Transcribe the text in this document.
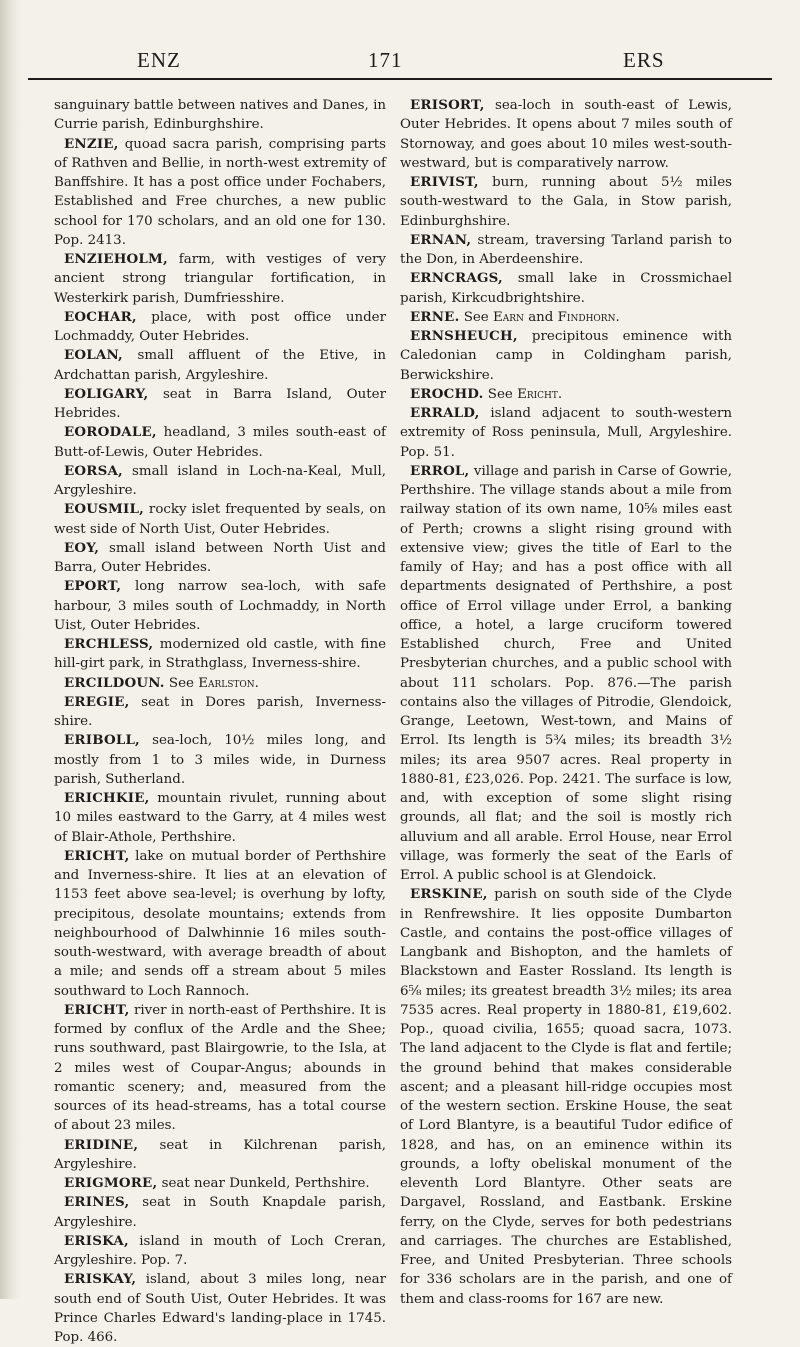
ENZ	171	ERS

sanguinary battle between natives and Danes, in Currie parish, Edinburghshire.

ENZIE, quoad sacra parish, comprising parts of Rathven and Bellie, in north-west extremity of Banffshire. It has a post office under Fochabers, Established and Free churches, a new public school for 170 scholars, and an old one for 130. Pop. 2413.

ENZIEHOLM, farm, with vestiges of very ancient strong triangular fortification, in Westerkirk parish, Dumfriesshire.

EOCHAR, place, with post office under Lochmaddy, Outer Hebrides.

EOLAN, small affluent of the Etive, in Ardchattan parish, Argyleshire.

EOLIGARY, seat in Barra Island, Outer Hebrides.

EORODALE, headland, 3 miles south-east of Butt-of-Lewis, Outer Hebrides.

EORSA, small island in Loch-na-Keal, Mull, Argyleshire.

EOUSMIL, rocky islet frequented by seals, on west side of North Uist, Outer Hebrides.

EOY, small island between North Uist and Barra, Outer Hebrides.

EPORT, long narrow sea-loch, with safe harbour, 3 miles south of Lochmaddy, in North Uist, Outer Hebrides.

ERCHLESS, modernized old castle, with fine hill-girt park, in Strathglass, Inverness-shire.

ERCILDOUN. See Earlston.

EREGIE, seat in Dores parish, Inverness-shire.

ERIBOLL, sea-loch, 10½ miles long, and mostly from 1 to 3 miles wide, in Durness parish, Sutherland.

ERICHKIE, mountain rivulet, running about 10 miles eastward to the Garry, at 4 miles west of Blair-Athole, Perthshire.

ERICHT, lake on mutual border of Perthshire and Inverness-shire. It lies at an elevation of 1153 feet above sea-level; is overhung by lofty, precipitous, desolate mountains; extends from neighbourhood of Dalwhinnie 16 miles south-south-westward, with average breadth of about a mile; and sends off a stream about 5 miles southward to Loch Rannoch.

ERICHT, river in north-east of Perthshire. It is formed by conflux of the Ardle and the Shee; runs southward, past Blairgowrie, to the Isla, at 2 miles west of Coupar-Angus; abounds in romantic scenery; and, measured from the sources of its head-streams, has a total course of about 23 miles.

ERIDINE, seat in Kilchrenan parish, Argyleshire.

ERIGMORE, seat near Dunkeld, Perthshire.

ERINES, seat in South Knapdale parish, Argyleshire.

ERISKA, island in mouth of Loch Creran, Argyleshire. Pop. 7.

ERISKAY, island, about 3 miles long, near south end of South Uist, Outer Hebrides. It was Prince Charles Edward's landing-place in 1745. Pop. 466.

ERISORT, sea-loch in south-east of Lewis, Outer Hebrides. It opens about 7 miles south of Stornoway, and goes about 10 miles west-south-westward, but is comparatively narrow.

ERIVIST, burn, running about 5½ miles south-westward to the Gala, in Stow parish, Edinburghshire.

ERNAN, stream, traversing Tarland parish to the Don, in Aberdeenshire.

ERNCRAGS, small lake in Crossmichael parish, Kirkcudbrightshire.

ERNE. See Earn and Findhorn.

ERNSHEUCH, precipitous eminence with Caledonian camp in Coldingham parish, Berwickshire.

EROCHD. See Ericht.

ERRALD, island adjacent to south-western extremity of Ross peninsula, Mull, Argyleshire. Pop. 51.

ERROL, village and parish in Carse of Gowrie, Perthshire. The village stands about a mile from railway station of its own name, 10⅝ miles east of Perth; crowns a slight rising ground with extensive view; gives the title of Earl to the family of Hay; and has a post office with all departments designated of Perthshire, a post office of Errol village under Errol, a banking office, a hotel, a large cruciform towered Established church, Free and United Presbyterian churches, and a public school with about 111 scholars. Pop. 876.—The parish contains also the villages of Pitrodie, Glendoick, Grange, Leetown, West-town, and Mains of Errol. Its length is 5¾ miles; its breadth 3½ miles; its area 9507 acres. Real property in 1880-81, £23,026. Pop. 2421. The surface is low, and, with exception of some slight rising grounds, all flat; and the soil is mostly rich alluvium and all arable. Errol House, near Errol village, was formerly the seat of the Earls of Errol. A public school is at Glendoick.

ERSKINE, parish on south side of the Clyde in Renfrewshire. It lies opposite Dumbarton Castle, and contains the post-office villages of Langbank and Bishopton, and the hamlets of Blackstown and Easter Rossland. Its length is 6⅝ miles; its greatest breadth 3½ miles; its area 7535 acres. Real property in 1880-81, £19,602. Pop., quoad civilia, 1655; quoad sacra, 1073. The land adjacent to the Clyde is flat and fertile; the ground behind that makes considerable ascent; and a pleasant hill-ridge occupies most of the western section. Erskine House, the seat of Lord Blantyre, is a beautiful Tudor edifice of 1828, and has, on an eminence within its grounds, a lofty obeliskal monument of the eleventh Lord Blantyre. Other seats are Dargavel, Rossland, and Eastbank. Erskine ferry, on the Clyde, serves for both pedestrians and carriages. The churches are Established, Free, and United Presbyterian. Three schools for 336 scholars are in the parish, and one of them and class-rooms for 167 are new.
